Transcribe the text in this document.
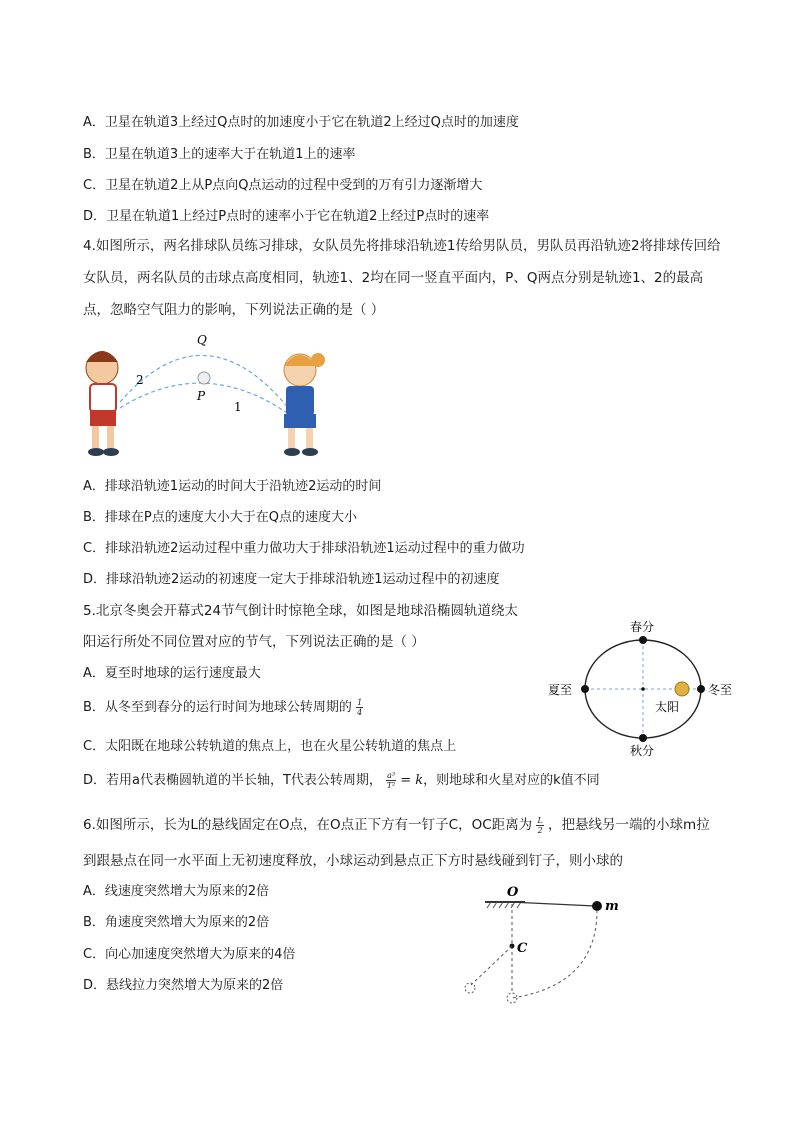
A．卫星在轨道3上经过Q点时的加速度小于它在轨道2上经过Q点时的加速度
B．卫星在轨道3上的速率大于在轨道1上的速率
C．卫星在轨道2上从P点向Q点运动的过程中受到的万有引力逐渐增大
D．卫星在轨道1上经过P点时的速率小于它在轨道2上经过P点时的速率
4.如图所示，两名排球队员练习排球，女队员先将排球沿轨迹1传给男队员，男队员再沿轨迹2将排球传回给女队员，两名队员的击球点高度相同，轨迹1、2均在同一竖直平面内，P、Q两点分别是轨迹1、2的最高点，忽略空气阻力的影响，下列说法正确的是（ ）
Q
P
2
1
A．排球沿轨迹1运动的时间大于沿轨迹2运动的时间
B．排球在P点的速度大小大于在Q点的速度大小
C．排球沿轨迹2运动过程中重力做功大于排球沿轨迹1运动过程中的重力做功
D．排球沿轨迹2运动的初速度一定大于排球沿轨迹1运动过程中的初速度
5.北京冬奥会开幕式24节气倒计时惊艳全球，如图是地球沿椭圆轨道绕太
阳运行所处不同位置对应的节气，下列说法正确的是（ ）
A．夏至时地球的运行速度最大
B．从冬至到春分的运行时间为地球公转周期的 $\frac{1}{4}$
C．太阳既在地球公转轨道的焦点上，也在火星公转轨道的焦点上
D．若用a代表椭圆轨道的半长轴，T代表公转周期， $\frac{\text{a³}}{\text{T²}} = k$，则地球和火星对应的k值不同
春分
秋分
夏至	冬至
太阳
6.如图所示，长为L的悬线固定在O点，在O点正下方有一钉子C，OC距离为 $\frac{L}{2}$ ，把悬线另一端的小球m拉
到跟悬点在同一水平面上无初速度释放，小球运动到悬点正下方时悬线碰到钉子，则小球的
A．线速度突然增大为原来的2倍
B．角速度突然增大为原来的2倍
C．向心加速度突然增大为原来的4倍
D．悬线拉力突然增大为原来的2倍
O
C
m
